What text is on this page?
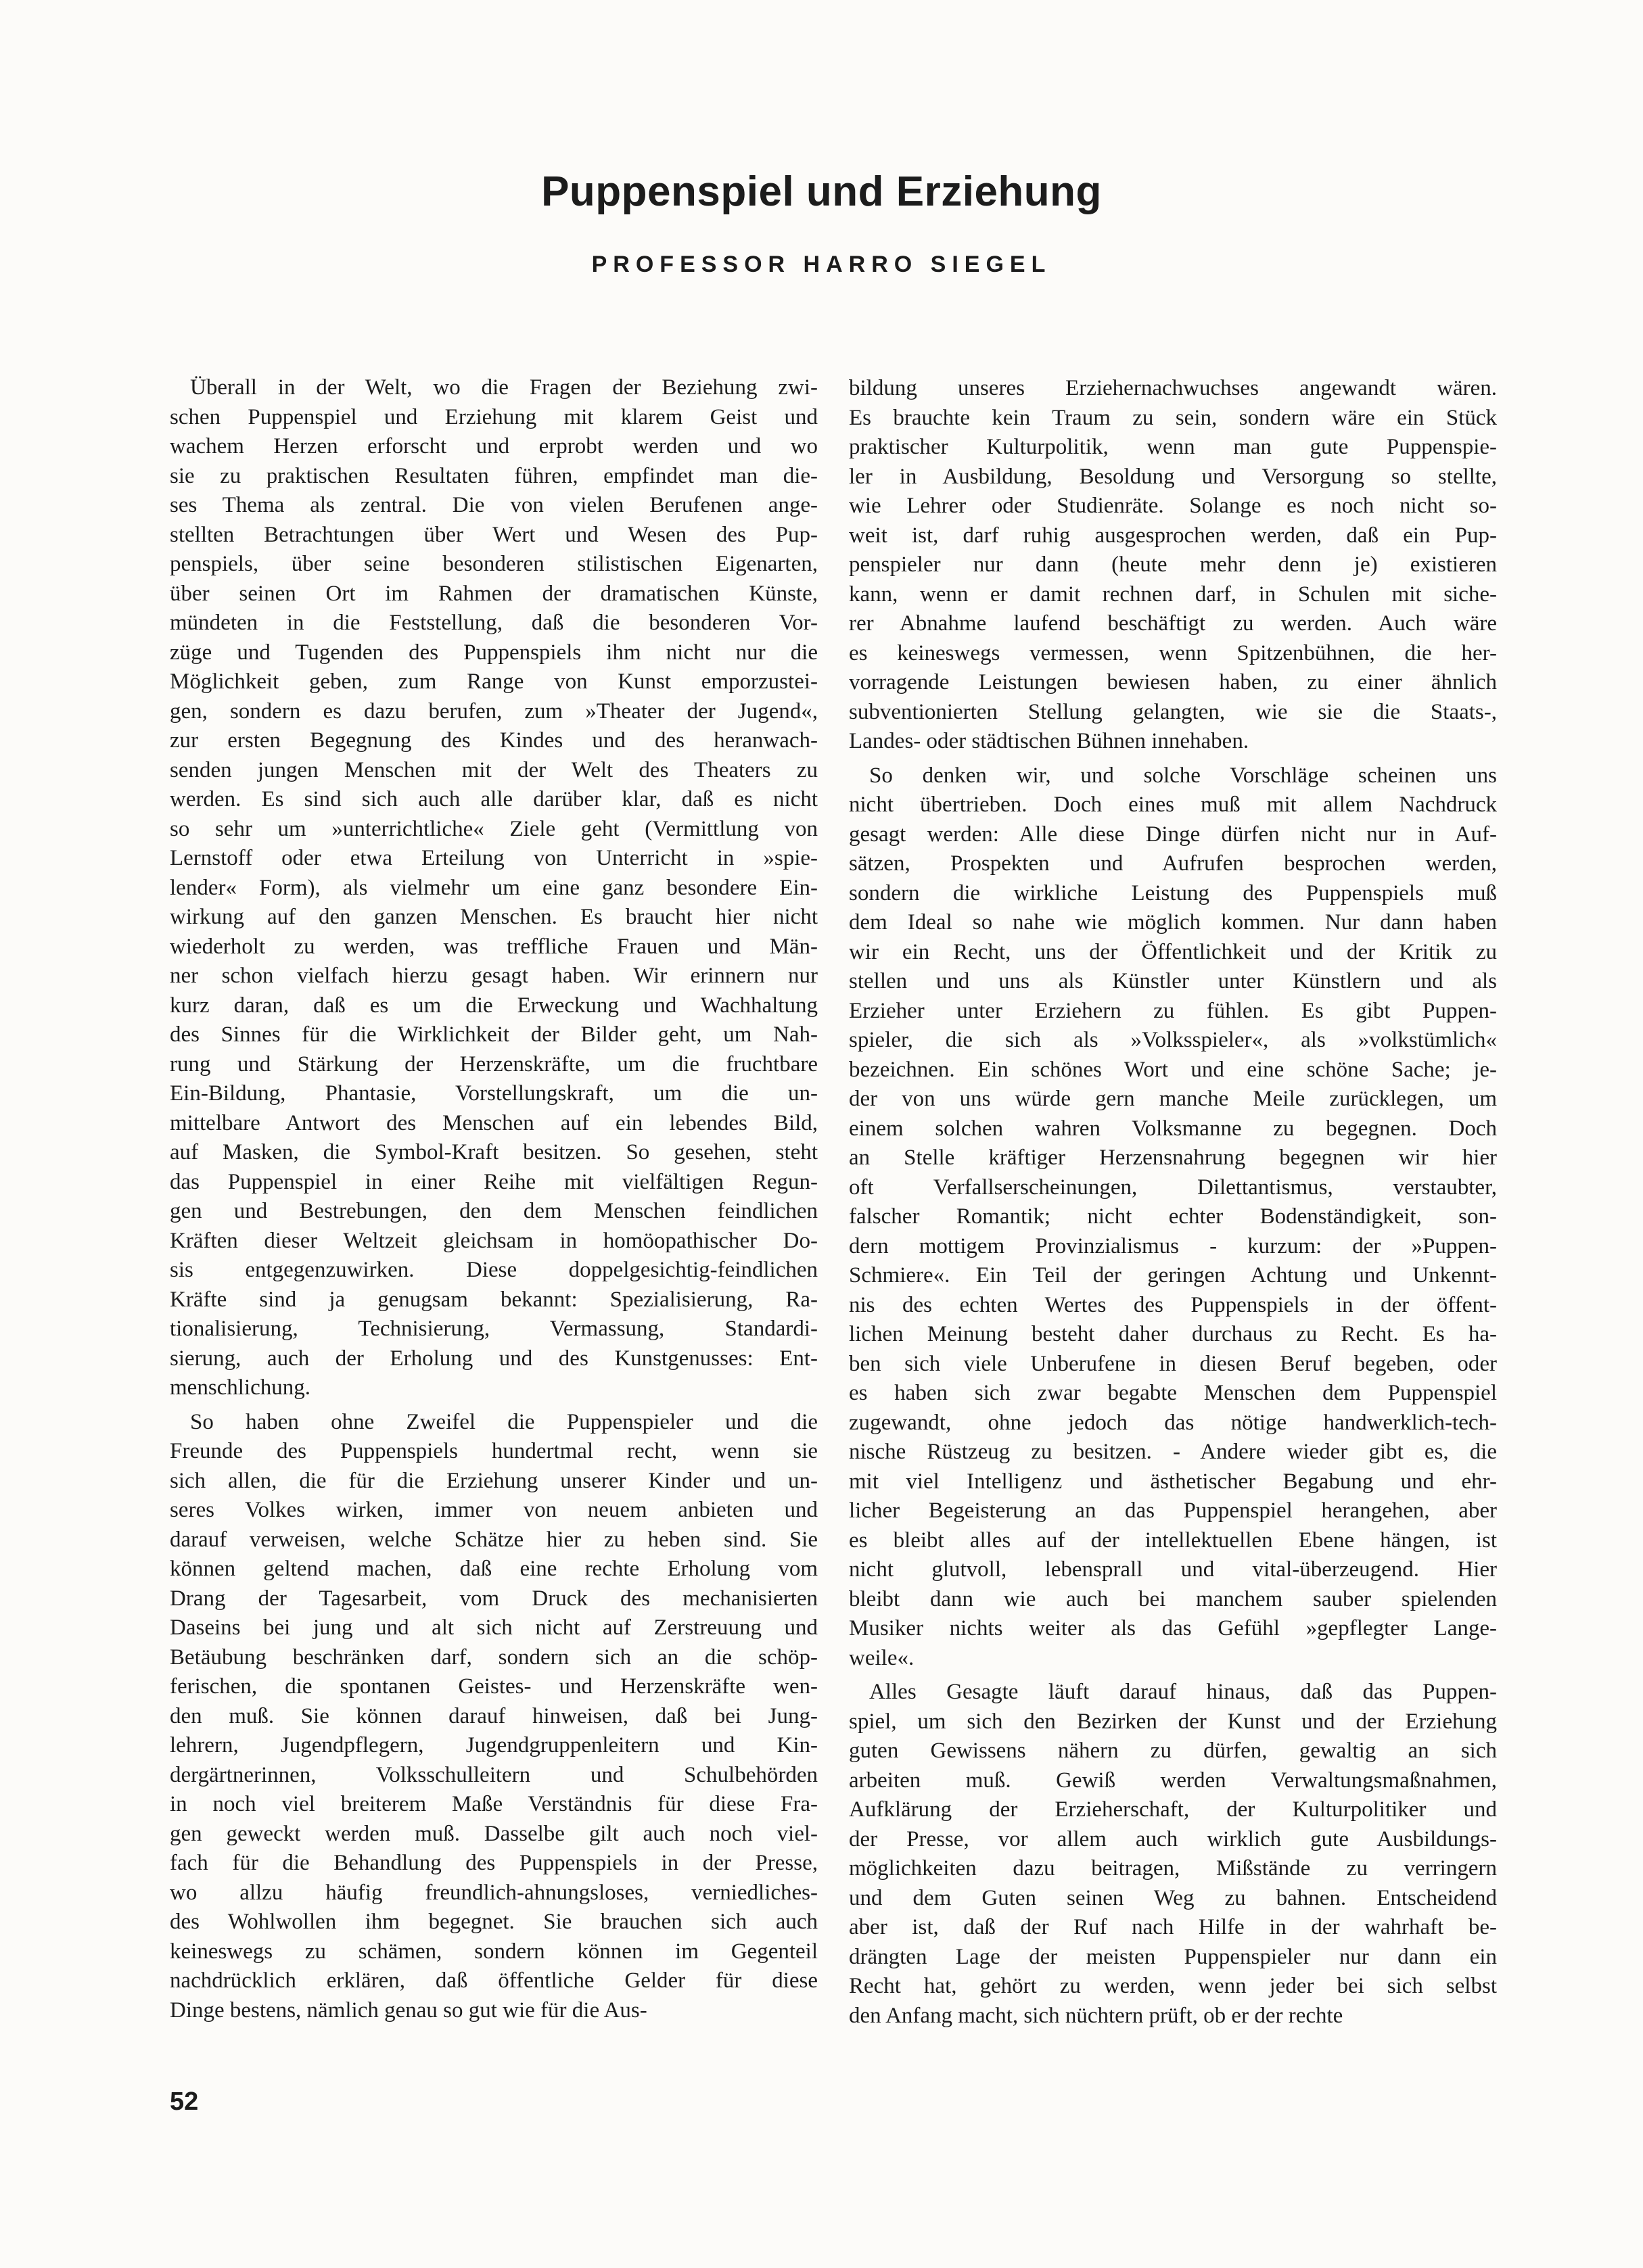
Puppenspiel und Erziehung
PROFESSOR HARRO SIEGEL

Überall in der Welt, wo die Fragen der Beziehung zwi-

schen Puppenspiel und Erziehung mit klarem Geist und

wachem Herzen erforscht und erprobt werden und wo

sie zu praktischen Resultaten führen, empfindet man die-

ses Thema als zentral. Die von vielen Berufenen ange-

stellten Betrachtungen über Wert und Wesen des Pup-

penspiels, über seine besonderen stilistischen Eigenarten,

über seinen Ort im Rahmen der dramatischen Künste,

mündeten in die Feststellung, daß die besonderen Vor-

züge und Tugenden des Puppenspiels ihm nicht nur die

Möglichkeit geben, zum Range von Kunst emporzustei-

gen, sondern es dazu berufen, zum »Theater der Jugend«,

zur ersten Begegnung des Kindes und des heranwach-

senden jungen Menschen mit der Welt des Theaters zu

werden. Es sind sich auch alle darüber klar, daß es nicht

so sehr um »unterrichtliche« Ziele geht (Vermittlung von

Lernstoff oder etwa Erteilung von Unterricht in »spie-

lender« Form), als vielmehr um eine ganz besondere Ein-

wirkung auf den ganzen Menschen. Es braucht hier nicht

wiederholt zu werden, was treffliche Frauen und Män-

ner schon vielfach hierzu gesagt haben. Wir erinnern nur

kurz daran, daß es um die Erweckung und Wachhaltung

des Sinnes für die Wirklichkeit der Bilder geht, um Nah-

rung und Stärkung der Herzenskräfte, um die fruchtbare

Ein-Bildung, Phantasie, Vorstellungskraft, um die un-

mittelbare Antwort des Menschen auf ein lebendes Bild,

auf Masken, die Symbol-Kraft besitzen. So gesehen, steht

das Puppenspiel in einer Reihe mit vielfältigen Regun-

gen und Bestrebungen, den dem Menschen feindlichen

Kräften dieser Weltzeit gleichsam in homöopathischer Do-

sis entgegenzuwirken. Diese doppelgesichtig-feindlichen

Kräfte sind ja genugsam bekannt: Spezialisierung, Ra-

tionalisierung, Technisierung, Vermassung, Standardi-

sierung, auch der Erholung und des Kunstgenusses: Ent-

menschlichung.

So haben ohne Zweifel die Puppenspieler und die

Freunde des Puppenspiels hundertmal recht, wenn sie

sich allen, die für die Erziehung unserer Kinder und un-

seres Volkes wirken, immer von neuem anbieten und

darauf verweisen, welche Schätze hier zu heben sind. Sie

können geltend machen, daß eine rechte Erholung vom

Drang der Tagesarbeit, vom Druck des mechanisierten

Daseins bei jung und alt sich nicht auf Zerstreuung und

Betäubung beschränken darf, sondern sich an die schöp-

ferischen, die spontanen Geistes- und Herzenskräfte wen-

den muß. Sie können darauf hinweisen, daß bei Jung-

lehrern, Jugendpflegern, Jugendgruppenleitern und Kin-

dergärtnerinnen, Volksschulleitern und Schulbehörden

in noch viel breiterem Maße Verständnis für diese Fra-

gen geweckt werden muß. Dasselbe gilt auch noch viel-

fach für die Behandlung des Puppenspiels in der Presse,

wo allzu häufig freundlich-ahnungsloses, verniedliches-

des Wohlwollen ihm begegnet. Sie brauchen sich auch

keineswegs zu schämen, sondern können im Gegenteil

nachdrücklich erklären, daß öffentliche Gelder für diese

Dinge bestens, nämlich genau so gut wie für die Aus-

bildung unseres Erziehernachwuchses angewandt wären.

Es brauchte kein Traum zu sein, sondern wäre ein Stück

praktischer Kulturpolitik, wenn man gute Puppenspie-

ler in Ausbildung, Besoldung und Versorgung so stellte,

wie Lehrer oder Studienräte. Solange es noch nicht so-

weit ist, darf ruhig ausgesprochen werden, daß ein Pup-

penspieler nur dann (heute mehr denn je) existieren

kann, wenn er damit rechnen darf, in Schulen mit siche-

rer Abnahme laufend beschäftigt zu werden. Auch wäre

es keineswegs vermessen, wenn Spitzenbühnen, die her-

vorragende Leistungen bewiesen haben, zu einer ähnlich

subventionierten Stellung gelangten, wie sie die Staats-,

Landes- oder städtischen Bühnen innehaben.

So denken wir, und solche Vorschläge scheinen uns

nicht übertrieben. Doch eines muß mit allem Nachdruck

gesagt werden: Alle diese Dinge dürfen nicht nur in Auf-

sätzen, Prospekten und Aufrufen besprochen werden,

sondern die wirkliche Leistung des Puppenspiels muß

dem Ideal so nahe wie möglich kommen. Nur dann haben

wir ein Recht, uns der Öffentlichkeit und der Kritik zu

stellen und uns als Künstler unter Künstlern und als

Erzieher unter Erziehern zu fühlen. Es gibt Puppen-

spieler, die sich als »Volksspieler«, als »volkstümlich«

bezeichnen. Ein schönes Wort und eine schöne Sache; je-

der von uns würde gern manche Meile zurücklegen, um

einem solchen wahren Volksmanne zu begegnen. Doch

an Stelle kräftiger Herzensnahrung begegnen wir hier

oft Verfallserscheinungen, Dilettantismus, verstaubter,

falscher Romantik; nicht echter Bodenständigkeit, son-

dern mottigem Provinzialismus - kurzum: der »Puppen-

Schmiere«. Ein Teil der geringen Achtung und Unkennt-

nis des echten Wertes des Puppenspiels in der öffent-

lichen Meinung besteht daher durchaus zu Recht. Es ha-

ben sich viele Unberufene in diesen Beruf begeben, oder

es haben sich zwar begabte Menschen dem Puppenspiel

zugewandt, ohne jedoch das nötige handwerklich-tech-

nische Rüstzeug zu besitzen. - Andere wieder gibt es, die

mit viel Intelligenz und ästhetischer Begabung und ehr-

licher Begeisterung an das Puppenspiel herangehen, aber

es bleibt alles auf der intellektuellen Ebene hängen, ist

nicht glutvoll, lebensprall und vital-überzeugend. Hier

bleibt dann wie auch bei manchem sauber spielenden

Musiker nichts weiter als das Gefühl »gepflegter Lange-

weile«.

Alles Gesagte läuft darauf hinaus, daß das Puppen-

spiel, um sich den Bezirken der Kunst und der Erziehung

guten Gewissens nähern zu dürfen, gewaltig an sich

arbeiten muß. Gewiß werden Verwaltungsmaßnahmen,

Aufklärung der Erzieherschaft, der Kulturpolitiker und

der Presse, vor allem auch wirklich gute Ausbildungs-

möglichkeiten dazu beitragen, Mißstände zu verringern

und dem Guten seinen Weg zu bahnen. Entscheidend

aber ist, daß der Ruf nach Hilfe in der wahrhaft be-

drängten Lage der meisten Puppenspieler nur dann ein

Recht hat, gehört zu werden, wenn jeder bei sich selbst

den Anfang macht, sich nüchtern prüft, ob er der rechte

52
